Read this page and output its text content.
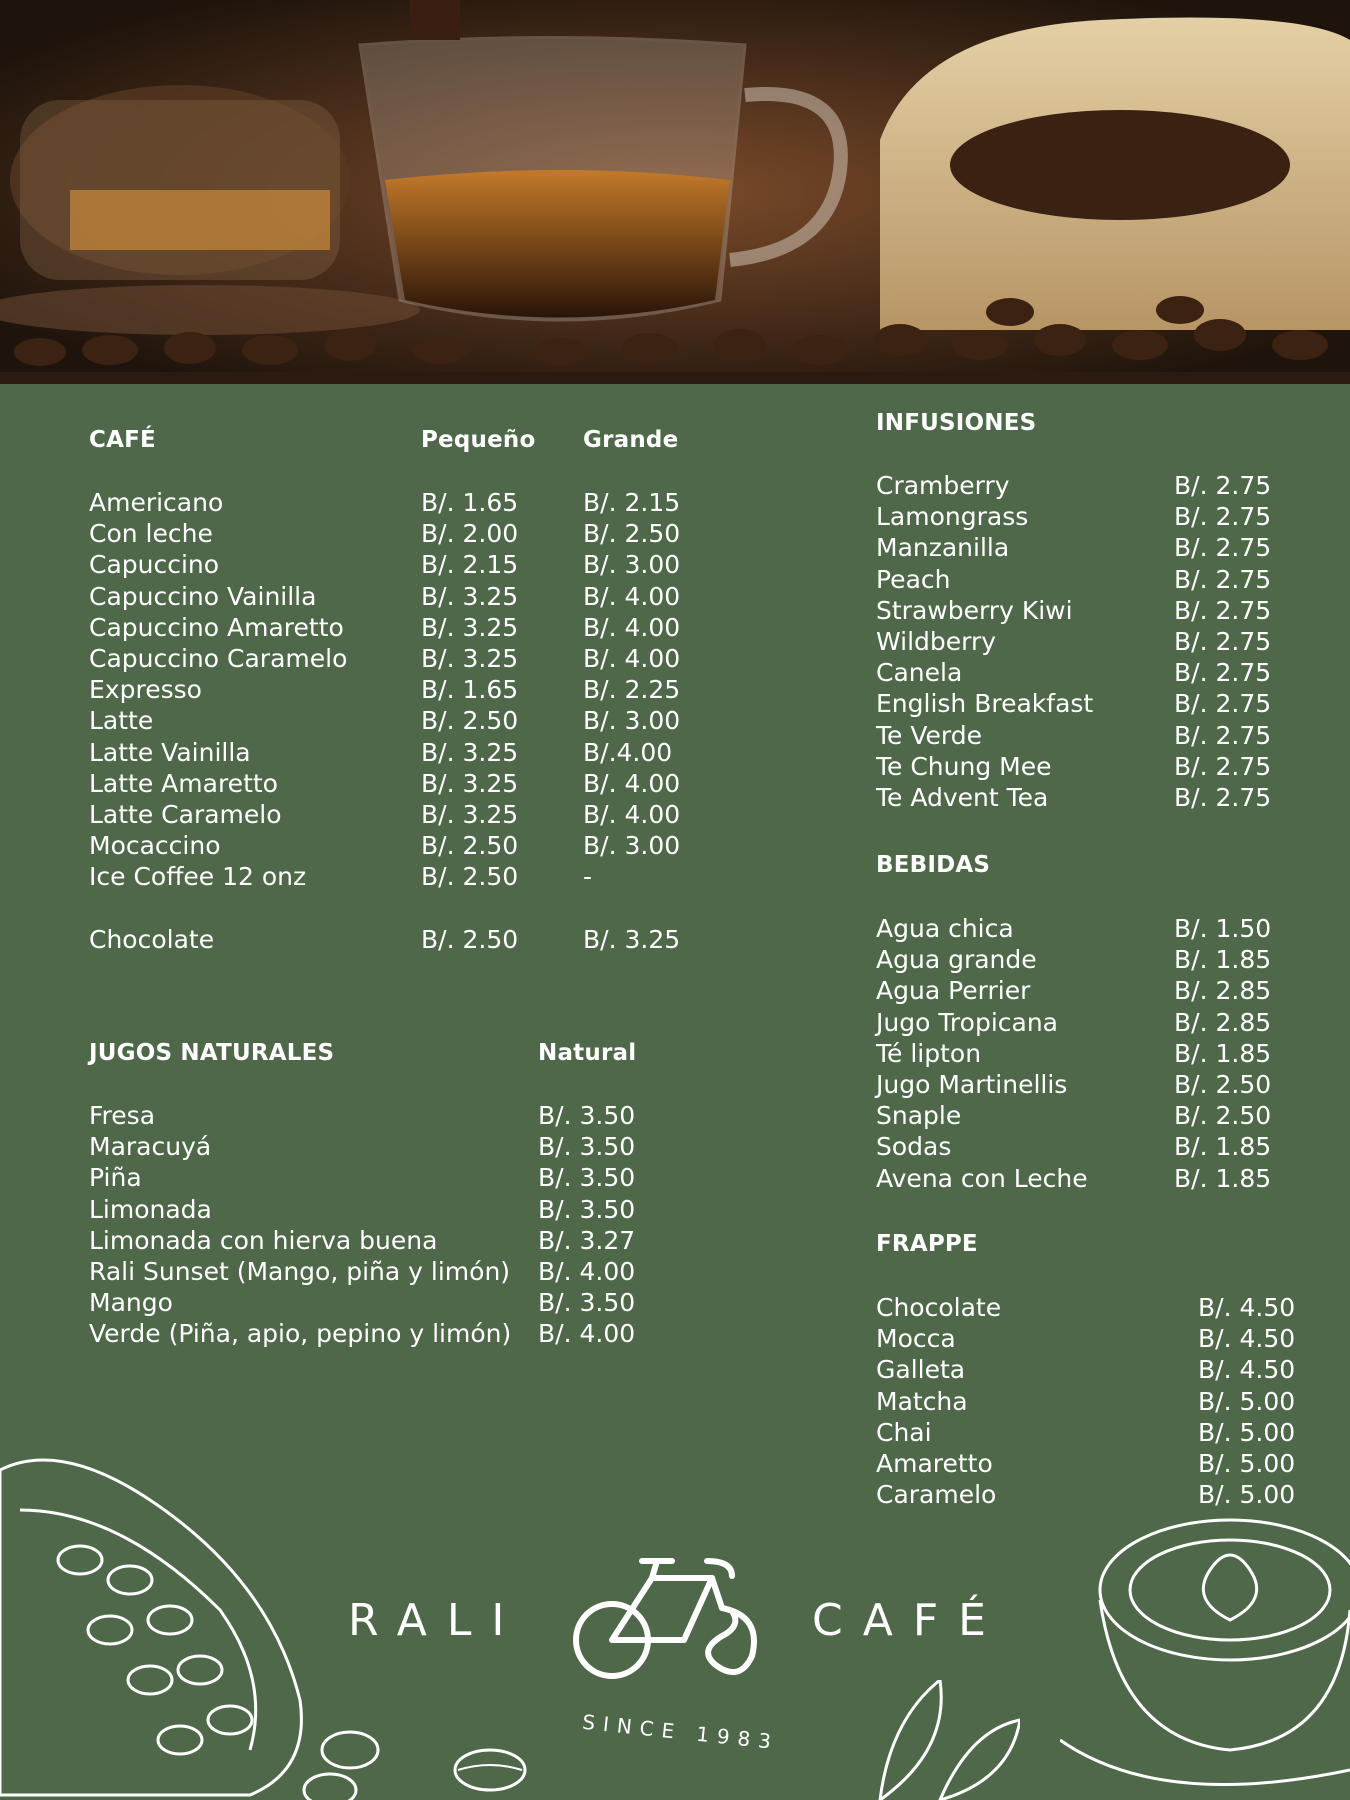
CAFÉ	Pequeño Grande
Americano	B/. 1.65	B/. 2.15
Con leche	B/. 2.00	B/. 2.50
Capuccino	B/. 2.15	B/. 3.00
Capuccino Vainilla	B/. 3.25	B/. 4.00
Capuccino Amaretto	B/. 3.25	B/. 4.00
Capuccino Caramelo	B/. 3.25	B/. 4.00
Expresso	B/. 1.65	B/. 2.25
Latte	B/. 2.50	B/. 3.00
Latte Vainilla	B/. 3.25	B/.4.00
Latte Amaretto	B/. 3.25	B/. 4.00
Latte Caramelo	B/. 3.25	B/. 4.00
Mocaccino	B/. 2.50	B/. 3.00
Ice Coffee 12 onz	B/. 2.50	-
Chocolate	B/. 2.50	B/. 3.25
JUGOS NATURALES	Natural
Fresa	B/. 3.50
Maracuyá	B/. 3.50
Piña	B/. 3.50
Limonada	B/. 3.50
Limonada con hierva buena	B/. 3.27
Rali Sunset (Mango, piña y limón) B/. 4.00
Mango	B/. 3.50
Verde (Piña, apio, pepino y limón) B/. 4.00
INFUSIONES
Cramberry	B/. 2.75
Lamongrass	B/. 2.75
Manzanilla	B/. 2.75
Peach	B/. 2.75
Strawberry Kiwi	B/. 2.75
Wildberry	B/. 2.75
Canela	B/. 2.75
English Breakfast	B/. 2.75
Te Verde	B/. 2.75
Te Chung Mee	B/. 2.75
Te Advent Tea	B/. 2.75
BEBIDAS
Agua chica	B/. 1.50
Agua grande	B/. 1.85
Agua Perrier	B/. 2.85
Jugo Tropicana	B/. 2.85
Té lipton	B/. 1.85
Jugo Martinellis	B/. 2.50
Snaple	B/. 2.50
Sodas	B/. 1.85
Avena con Leche	B/. 1.85
FRAPPE
Chocolate	B/. 4.50
Mocca	B/. 4.50
Galleta	B/. 4.50
Matcha	B/. 5.00
Chai	B/. 5.00
Amaretto	B/. 5.00
Caramelo	B/. 5.00
RALI	CAFÉ
SINCE 1983
